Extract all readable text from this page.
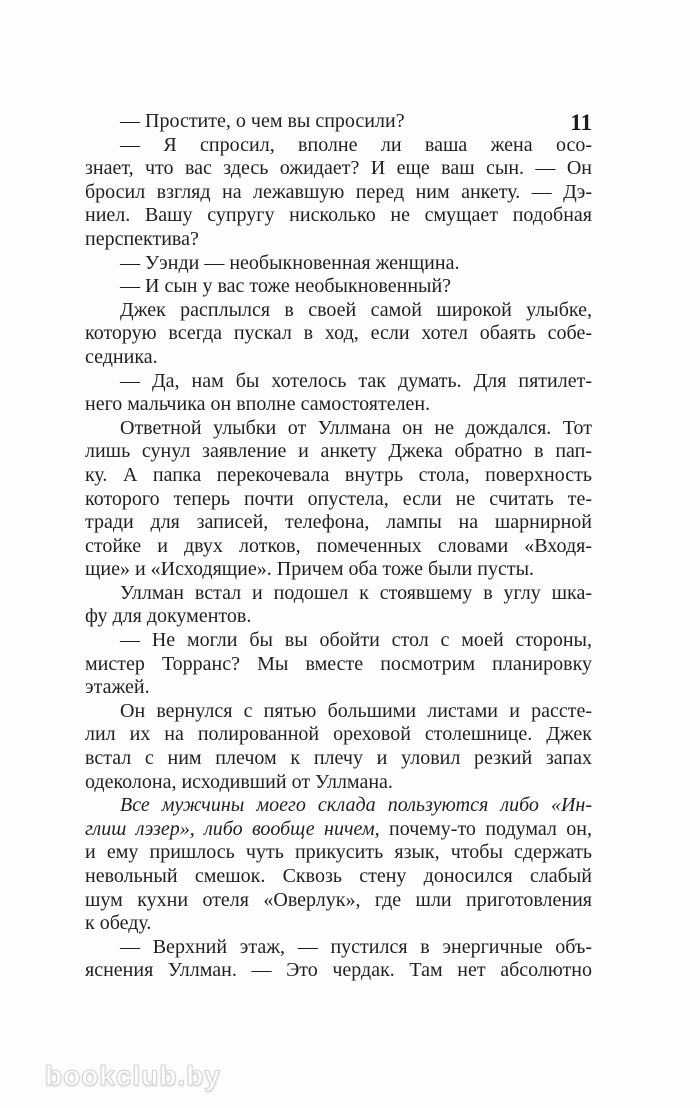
11
— Простите, о чем вы спросили?
— Я спросил, вполне ли ваша жена осо-
знает, что вас здесь ожидает? И еще ваш сын. — Он
бросил взгляд на лежавшую перед ним анкету. — Дэ-
ниел. Вашу супругу нисколько не смущает подобная
перспектива?
— Уэнди — необыкновенная женщина.
— И сын у вас тоже необыкновенный?
Джек расплылся в своей самой широкой улыбке,
которую всегда пускал в ход, если хотел обаять собе-
седника.
— Да, нам бы хотелось так думать. Для пятилет-
него мальчика он вполне самостоятелен.
Ответной улыбки от Уллмана он не дождался. Тот
лишь сунул заявление и анкету Джека обратно в пап-
ку. А папка перекочевала внутрь стола, поверхность
которого теперь почти опустела, если не считать те-
тради для записей, телефона, лампы на шарнирной
стойке и двух лотков, помеченных словами «Входя-
щие» и «Исходящие». Причем оба тоже были пусты.
Уллман встал и подошел к стоявшему в углу шка-
фу для документов.
— Не могли бы вы обойти стол с моей стороны,
мистер Торранс? Мы вместе посмотрим планировку
этажей.
Он вернулся с пятью большими листами и рассте-
лил их на полированной ореховой столешнице. Джек
встал с ним плечом к плечу и уловил резкий запах
одеколона, исходивший от Уллмана.
Все мужчины моего склада пользуются либо «Ин-
глиш лэзер», либо вообще ничем, почему-то подумал он,
и ему пришлось чуть прикусить язык, чтобы сдержать
невольный смешок. Сквозь стену доносился слабый
шум кухни отеля «Оверлук», где шли приготовления
к обеду.
— Верхний этаж, — пустился в энергичные объ-
яснения Уллман. — Это чердак. Там нет абсолютно
bookclub.by
